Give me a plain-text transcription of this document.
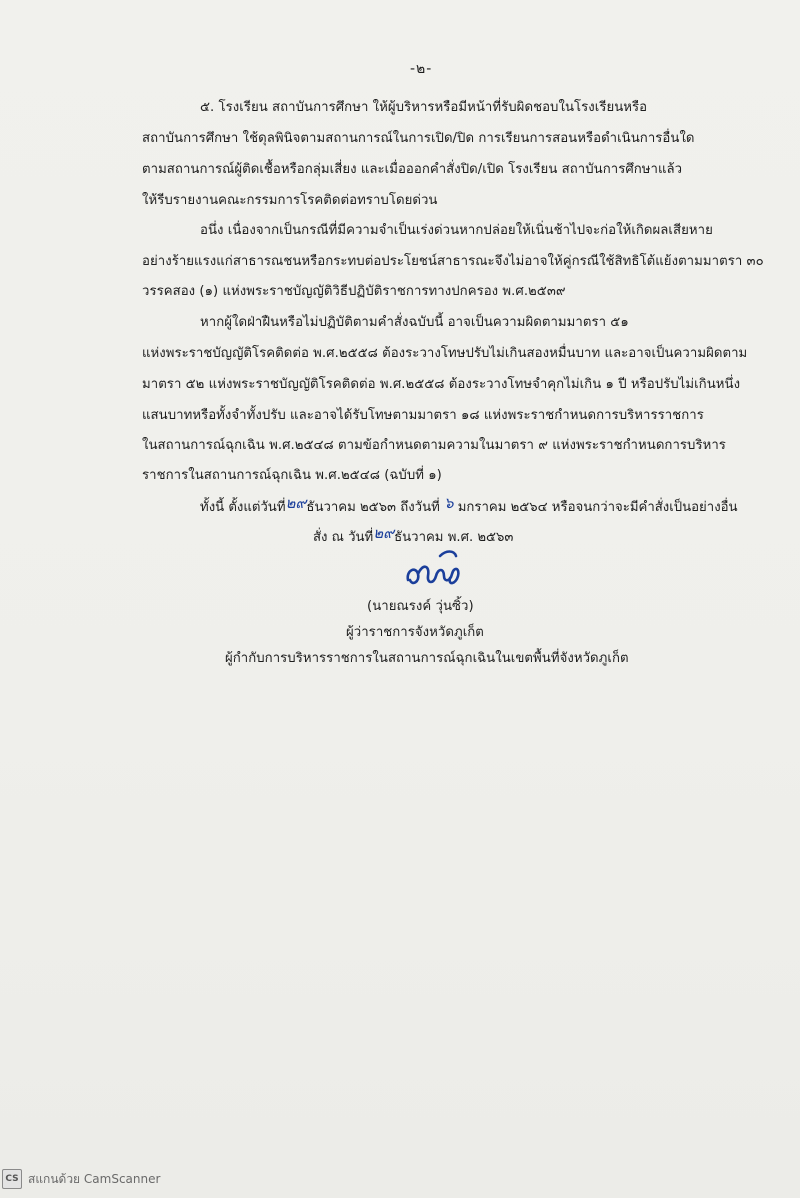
-๒-
๕. โรงเรียน สถาบันการศึกษา ให้ผู้บริหารหรือมีหน้าที่รับผิดชอบในโรงเรียนหรือ
สถาบันการศึกษา ใช้ดุลพินิจตามสถานการณ์ในการเปิด/ปิด การเรียนการสอนหรือดำเนินการอื่นใด
ตามสถานการณ์ผู้ติดเชื้อหรือกลุ่มเสี่ยง และเมื่อออกคำสั่งปิด/เปิด โรงเรียน สถาบันการศึกษาแล้ว
ให้รีบรายงานคณะกรรมการโรคติดต่อทราบโดยด่วน
อนึ่ง เนื่องจากเป็นกรณีที่มีความจำเป็นเร่งด่วนหากปล่อยให้เนิ่นช้าไปจะก่อให้เกิดผลเสียหาย
อย่างร้ายแรงแก่สาธารณชนหรือกระทบต่อประโยชน์สาธารณะจึงไม่อาจให้คู่กรณีใช้สิทธิโต้แย้งตามมาตรา ๓๐
วรรคสอง (๑) แห่งพระราชบัญญัติวิธีปฏิบัติราชการทางปกครอง พ.ศ.๒๕๓๙
หากผู้ใดฝ่าฝืนหรือไม่ปฏิบัติตามคำสั่งฉบับนี้ อาจเป็นความผิดตามมาตรา ๕๑
แห่งพระราชบัญญัติโรคติดต่อ พ.ศ.๒๕๕๘ ต้องระวางโทษปรับไม่เกินสองหมื่นบาท และอาจเป็นความผิดตาม
มาตรา ๕๒ แห่งพระราชบัญญัติโรคติดต่อ พ.ศ.๒๕๕๘ ต้องระวางโทษจำคุกไม่เกิน ๑ ปี หรือปรับไม่เกินหนึ่ง
แสนบาทหรือทั้งจำทั้งปรับ และอาจได้รับโทษตามมาตรา ๑๘ แห่งพระราชกำหนดการบริหารราชการ
ในสถานการณ์ฉุกเฉิน พ.ศ.๒๕๔๘ ตามข้อกำหนดตามความในมาตรา ๙ แห่งพระราชกำหนดการบริหาร
ราชการในสถานการณ์ฉุกเฉิน พ.ศ.๒๕๔๘ (ฉบับที่ ๑)
ทั้งนี้ ตั้งแต่วันที่๒๙ธันวาคม ๒๕๖๓ ถึงวันที่ ๖ มกราคม ๒๕๖๔ หรือจนกว่าจะมีคำสั่งเป็นอย่างอื่น
สั่ง ณ วันที่๒๙ธันวาคม พ.ศ. ๒๕๖๓
(นายณรงค์ วุ่นซิ้ว)
ผู้ว่าราชการจังหวัดภูเก็ต
ผู้กำกับการบริหารราชการในสถานการณ์ฉุกเฉินในเขตพื้นที่จังหวัดภูเก็ต
CS สแกนด้วย CamScanner
